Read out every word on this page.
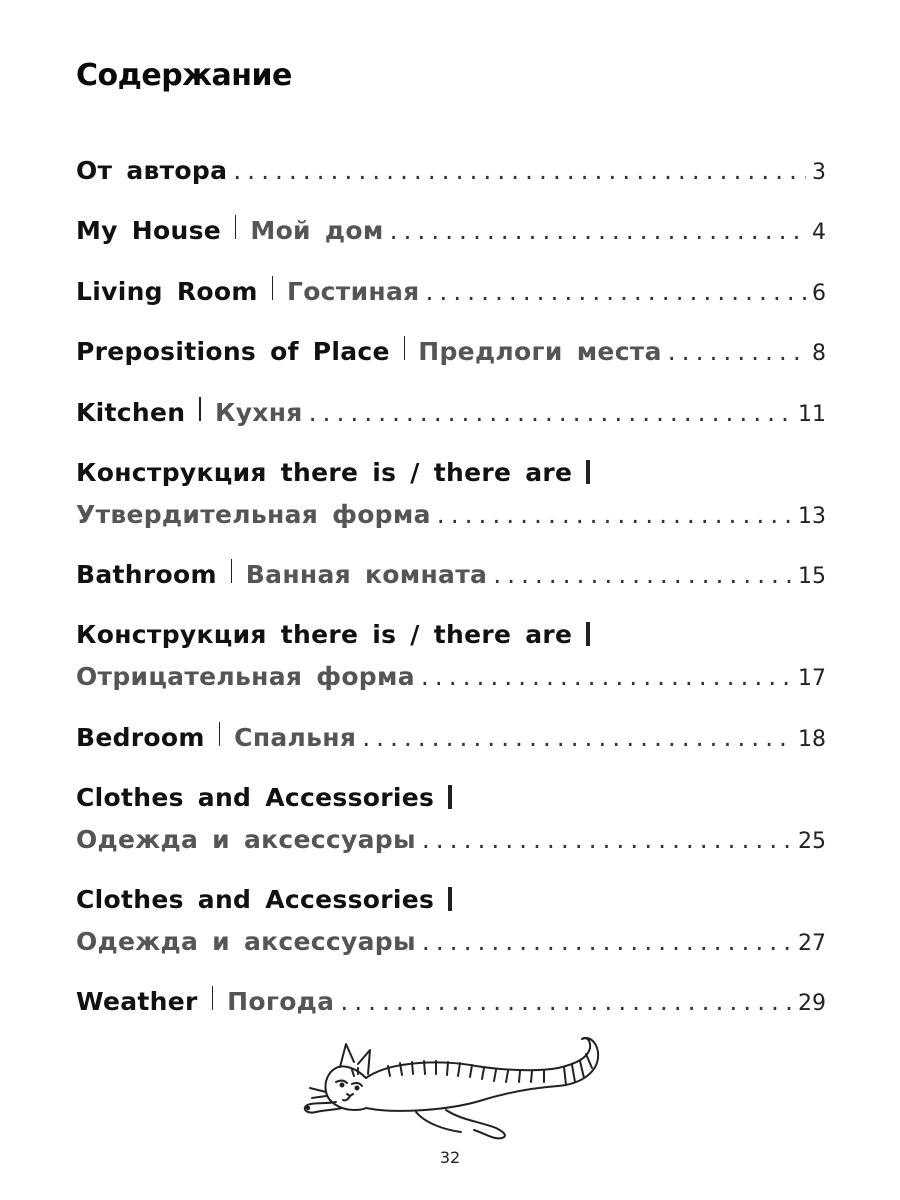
Содержание
От автора . . .	3
My House Мой дом . . .	4
Living Room Гостиная . . .	6
Prepositions of Place Предлоги места . . .	8
Kitchen Кухня . . .	11
Конструкция there is / there are
Утвердительная форма . . .	13
Bathroom Ванная комната . . .	15
Конструкция there is / there are
Отрицательная форма . . .	17
Bedroom Спальня . . .	18
Clothes and Accessories
Одежда и аксессуары . . .	25
Clothes and Accessories
Одежда и аксессуары . . .	27
Weather Погода . . .	29
32
